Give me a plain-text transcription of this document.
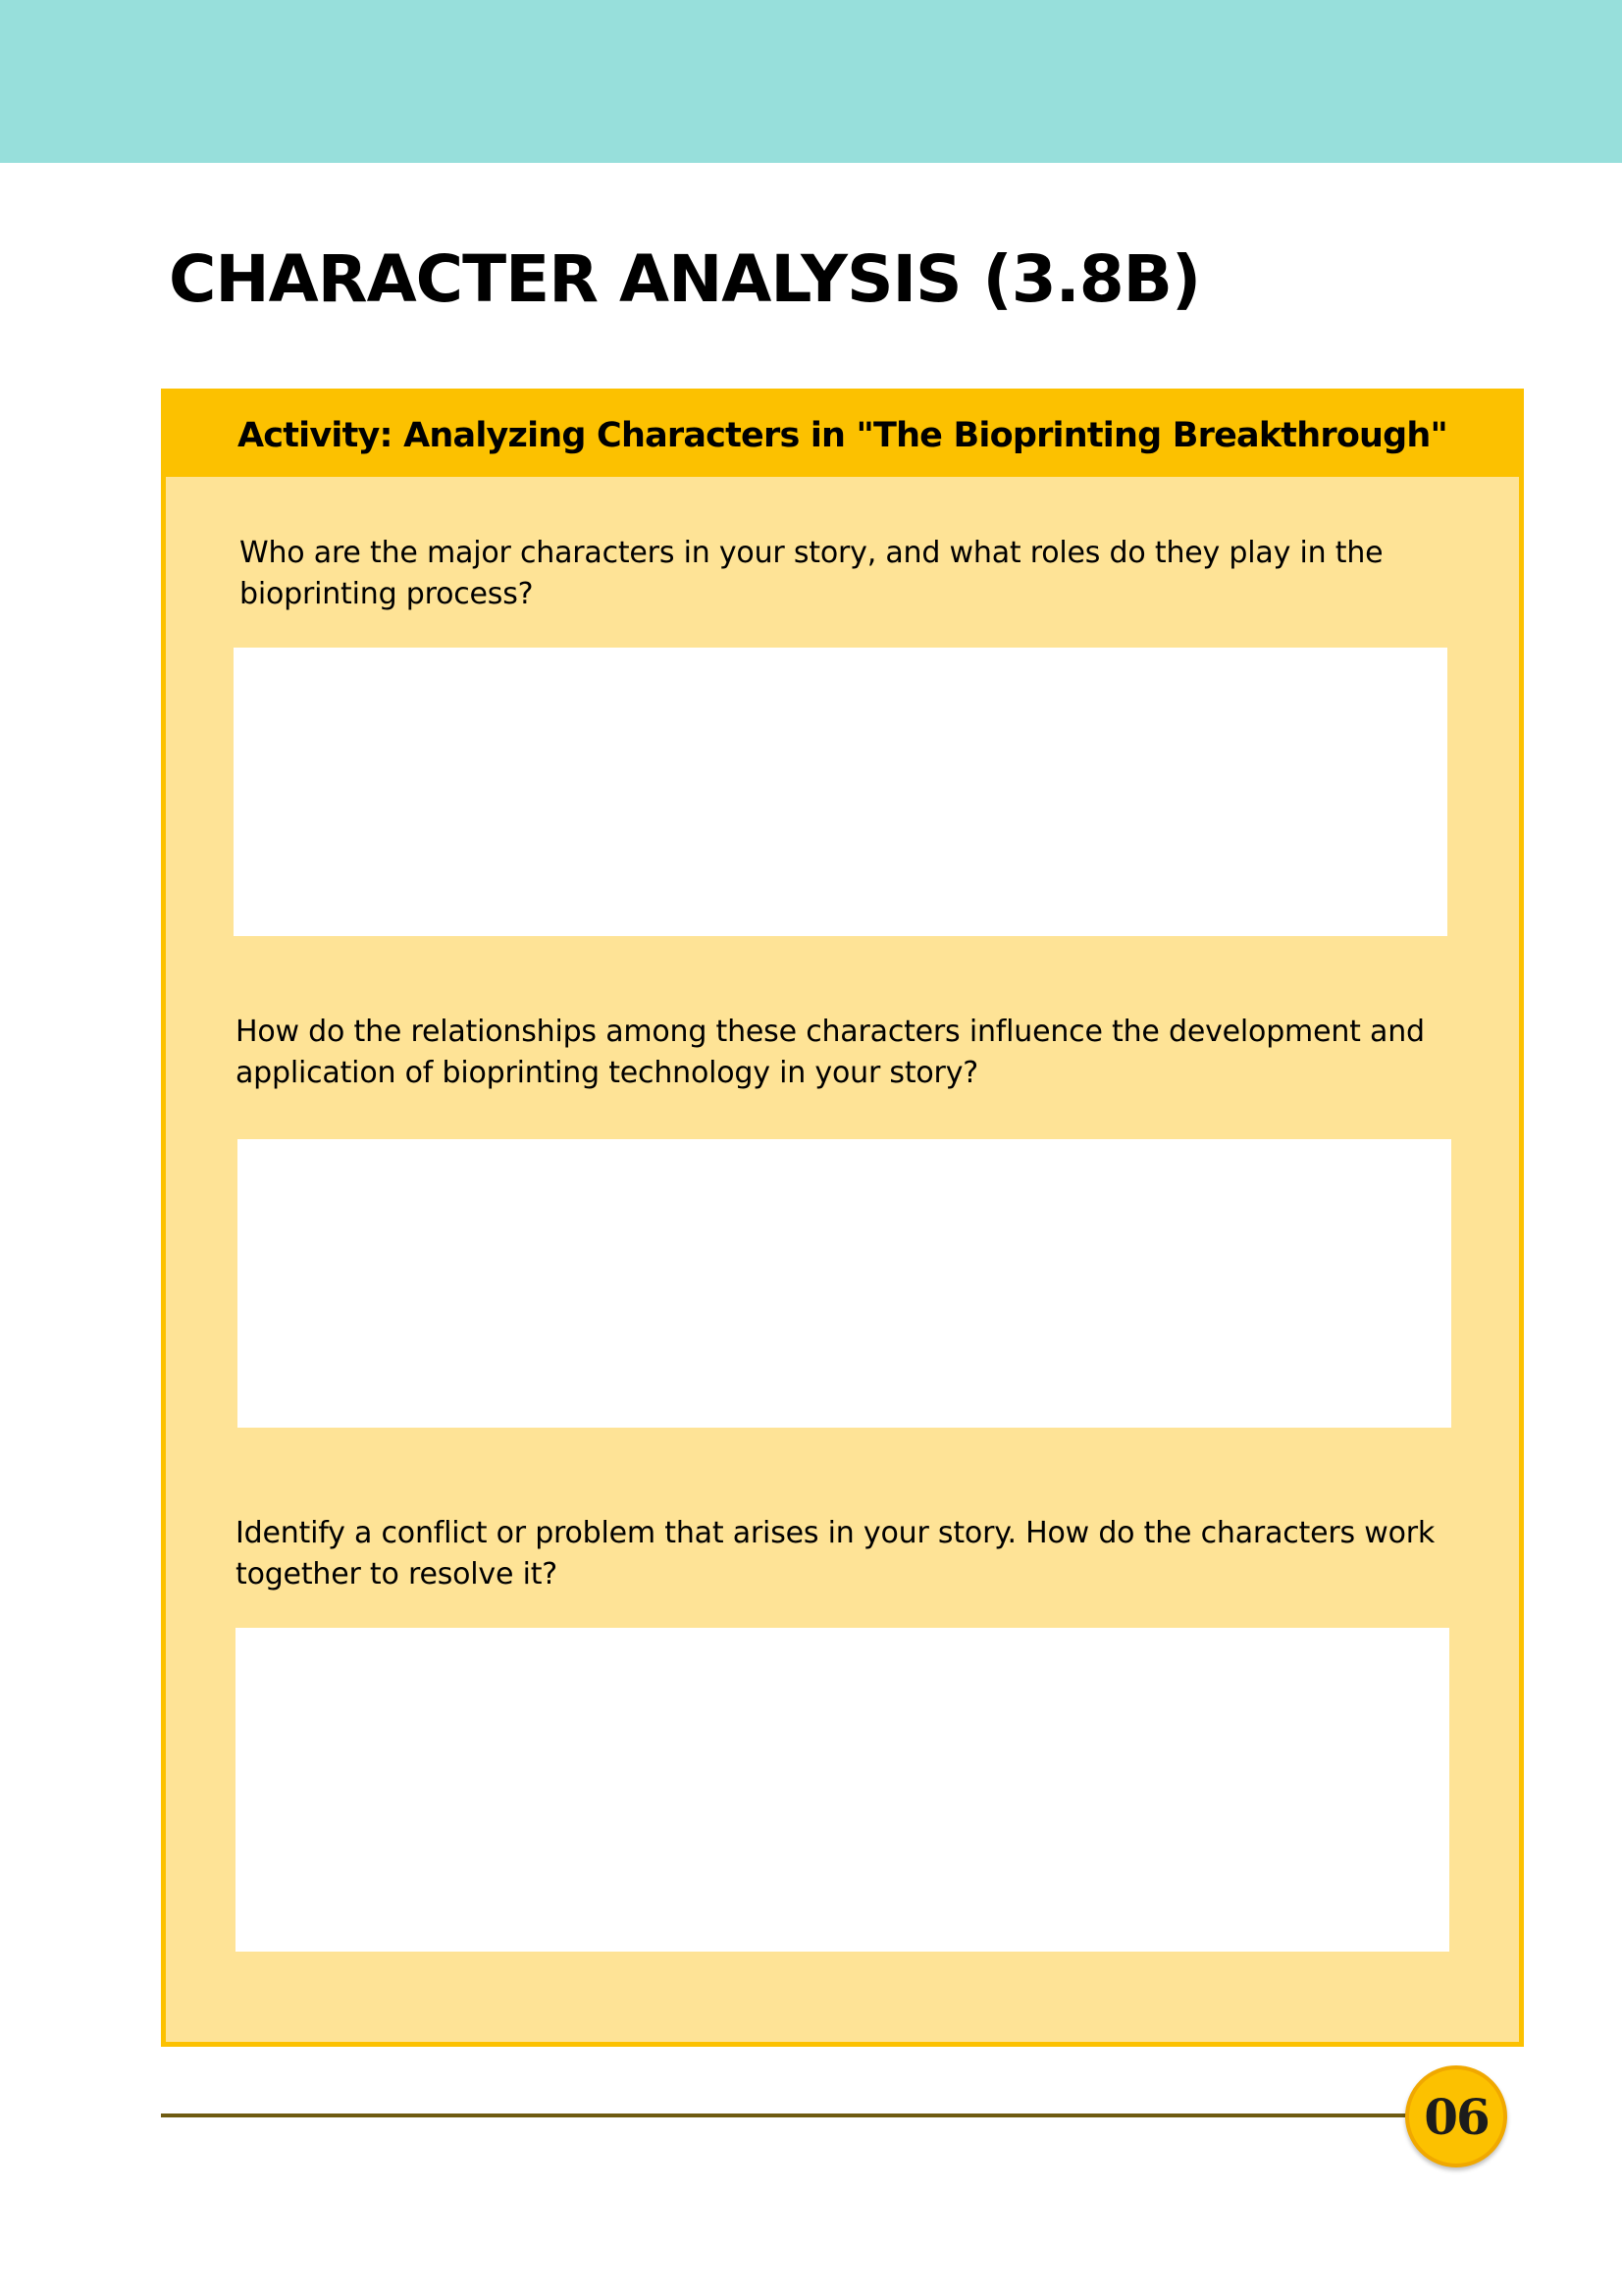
CHARACTER ANALYSIS (3.8B)
Activity: Analyzing Characters in "The Bioprinting Breakthrough"

Who are the major characters in your story, and what roles do they play in the bioprinting process?

How do the relationships among these characters influence the development and application of bioprinting technology in your story?

Identify a conflict or problem that arises in your story. How do the characters work together to resolve it?

06
